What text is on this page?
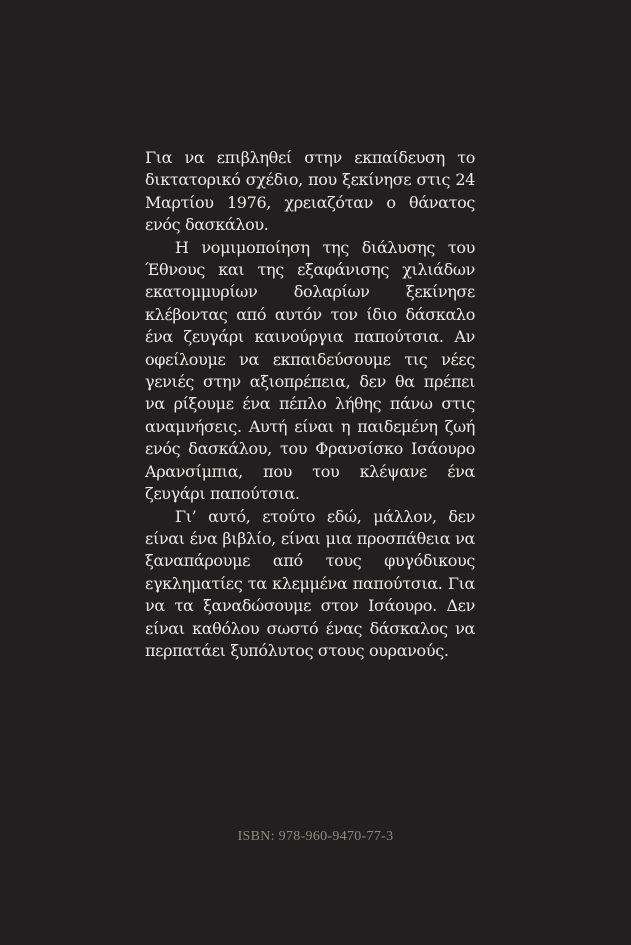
Για να επιβληθεί στην εκπαίδευση το δικτατορικό σχέδιο, που ξεκίνησε στις 24 Μαρτίου 1976, χρειαζόταν ο θάνατος ενός δασκάλου.

Η νομιμοποίηση της διάλυσης του Έθνους και της εξαφάνισης χιλιάδων εκατομμυρίων δολαρίων ξεκίνησε κλέβοντας από αυτόν τον ίδιο δάσκαλο ένα ζευγάρι καινούργια παπούτσια. Αν οφείλουμε να εκπαιδεύσουμε τις νέες γενιές στην αξιοπρέπεια, δεν θα πρέπει να ρίξουμε ένα πέπλο λήθης πάνω στις αναμνήσεις. Αυτή είναι η παιδεμένη ζωή ενός δασκάλου, του Φρανσίσκο Ισάουρο Αρανσίμπια, που του κλέψανε ένα ζευγάρι παπούτσια.

Γι’ αυτό, ετούτο εδώ, μάλλον, δεν είναι ένα βιβλίο, είναι μια προσπάθεια να ξαναπάρουμε από τους φυγόδικους εγκληματίες τα κλεμμένα παπούτσια. Για να τα ξαναδώσουμε στον Ισάουρο. Δεν είναι καθόλου σωστό ένας δάσκαλος να περπατάει ξυπόλυτος στους ουρανούς.

ISBN: 978-960-9470-77-3
